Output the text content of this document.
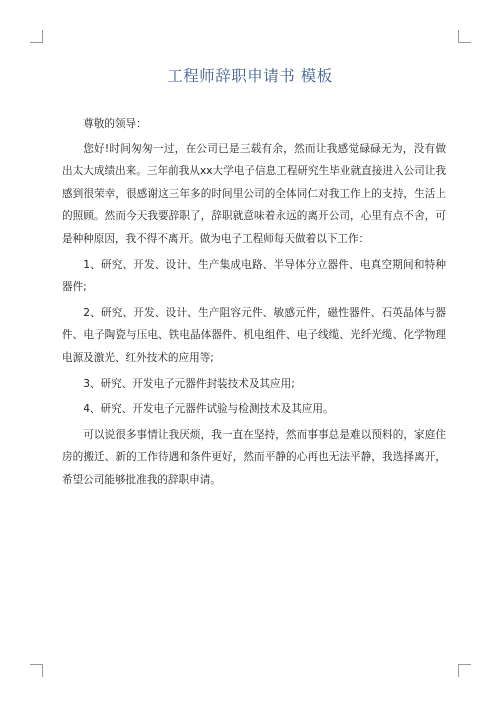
工程师辞职申请书 模板

尊敬的领导：

您好!时间匆匆一过，在公司已是三载有余，然而让我感觉碌碌无为，没有做出太大成绩出来。三年前我从xx大学电子信息工程研究生毕业就直接进入公司让我感到很荣幸，很感谢这三年多的时间里公司的全体同仁对我工作上的支持，生活上的照顾。然而今天我要辞职了，辞职就意味着永远的离开公司，心里有点不舍，可是种种原因，我不得不离开。做为电子工程师每天做着以下工作：

1、研究、开发、设计、生产集成电路、半导体分立器件、电真空期间和特种器件;

2、研究、开发、设计、生产阻容元件、敏感元件，磁性器件、石英晶体与器件、电子陶瓷与压电、铁电晶体器件、机电组件、电子线缆、光纤光缆、化学物理电源及激光、红外技术的应用等;

3、研究、开发电子元器件封装技术及其应用;

4、研究、开发电子元器件试验与检测技术及其应用。

可以说很多事情让我厌烦，我一直在坚持，然而事事总是难以预料的，家庭住房的搬迁、新的工作待遇和条件更好，然而平静的心再也无法平静，我选择离开，希望公司能够批准我的辞职申请。
